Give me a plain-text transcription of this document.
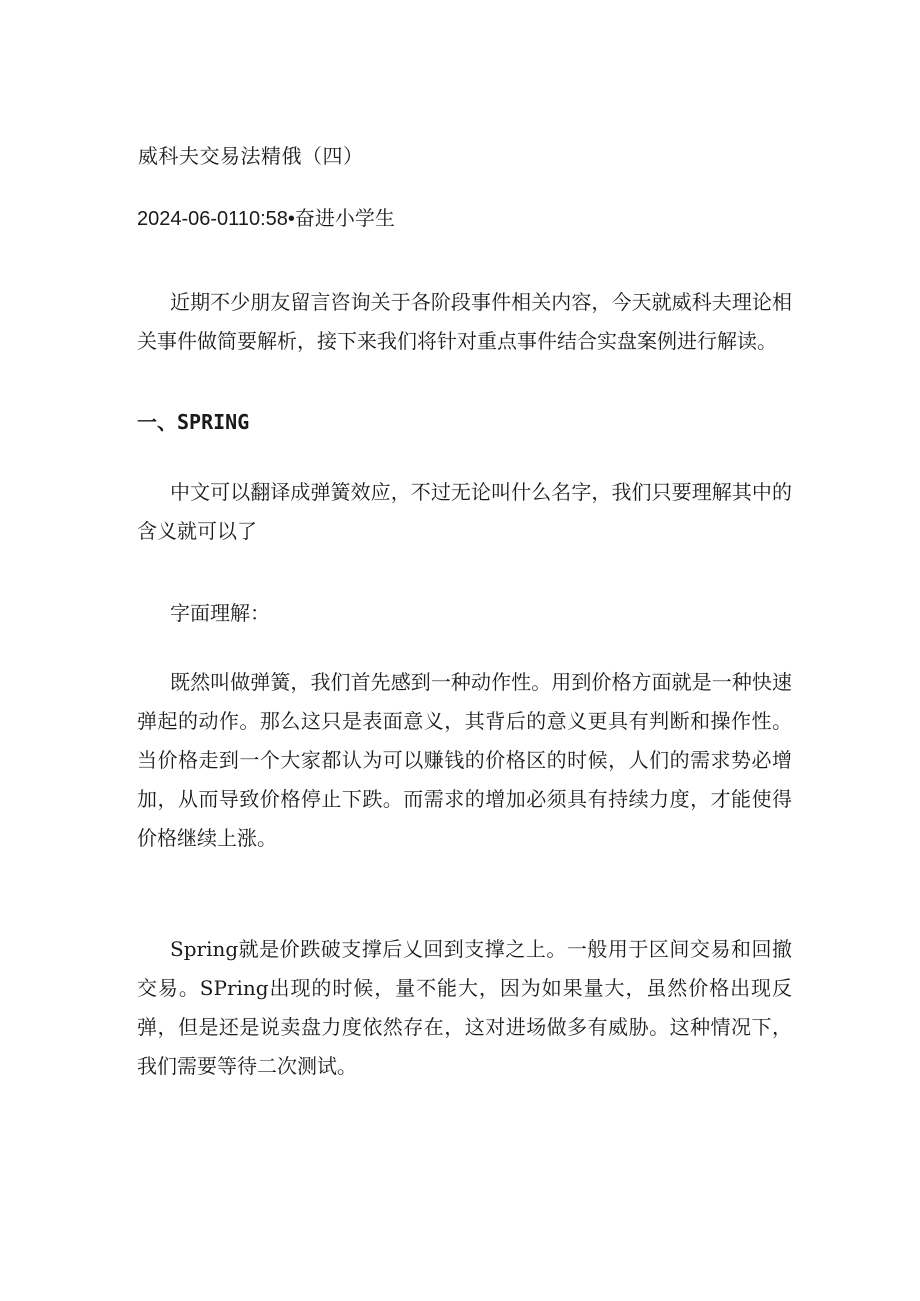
威科夫交易法精俄（四）
2024-06-0110:58•奋进小学生

近期不少朋友留言咨询关于各阶段事件相关内容，今天就威科夫理论相关事件做简要解析，接下来我们将针对重点事件结合实盘案例进行解读。

一、SPRING

中文可以翻译成弹簧效应，不过无论叫什么名字，我们只要理解其中的含义就可以了

字面理解：

既然叫做弹簧，我们首先感到一种动作性。用到价格方面就是一种快速弹起的动作。那么这只是表面意义，其背后的意义更具有判断和操作性。当价格走到一个大家都认为可以赚钱的价格区的时候，人们的需求势必增加，从而导致价格停止下跌。而需求的增加必须具有持续力度，才能使得价格继续上涨。

Spring就是价跌破支撑后乂回到支撑之上。一般用于区间交易和回撤交易。SPring出现的时候，量不能大，因为如果量大，虽然价格出现反弹，但是还是说卖盘力度依然存在，这对进场做多有威胁。这种情况下，我们需要等待二次测试。
